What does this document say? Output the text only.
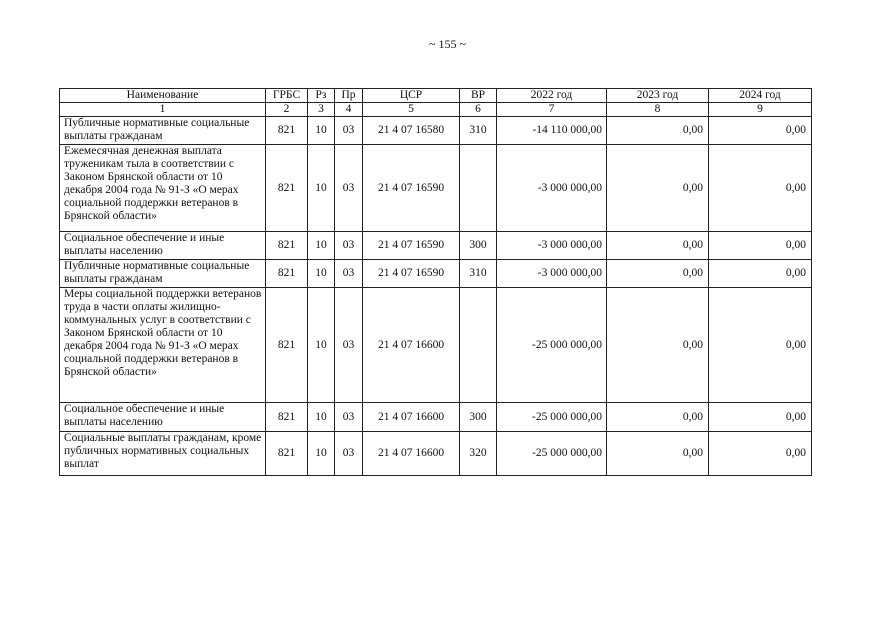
~ 155 ~
Наименование	ГРБС	Рз	Пр	ЦСР	ВР	2022 год	2023 год	2024 год
1	2	3	4	5	6	7	8	9
Публичные нормативные социальные выплаты гражданам	821	10	03	21 4 07 16580	310	-14 110 000,00	0,00	0,00
Ежемесячная денежная выплата труженикам тыла в соответствии с Законом Брянской области от 10 декабря 2004 года № 91-З «О мерах социальной поддержки ветеранов в Брянской области»	821	10	03	21 4 07 16590		-3 000 000,00	0,00	0,00
Социальное обеспечение и иные выплаты населению	821	10	03	21 4 07 16590	300	-3 000 000,00	0,00	0,00
Публичные нормативные социальные выплаты гражданам	821	10	03	21 4 07 16590	310	-3 000 000,00	0,00	0,00
Меры социальной поддержки ветеранов труда в части оплаты жилищно-коммунальных услуг в соответствии с Законом Брянской области от 10 декабря 2004 года № 91-З «О мерах социальной поддержки ветеранов в Брянской области»	821	10	03	21 4 07 16600		-25 000 000,00	0,00	0,00
Социальное обеспечение и иные выплаты населению	821	10	03	21 4 07 16600	300	-25 000 000,00	0,00	0,00
Социальные выплаты гражданам, кроме публичных нормативных социальных выплат	821	10	03	21 4 07 16600	320	-25 000 000,00	0,00	0,00
